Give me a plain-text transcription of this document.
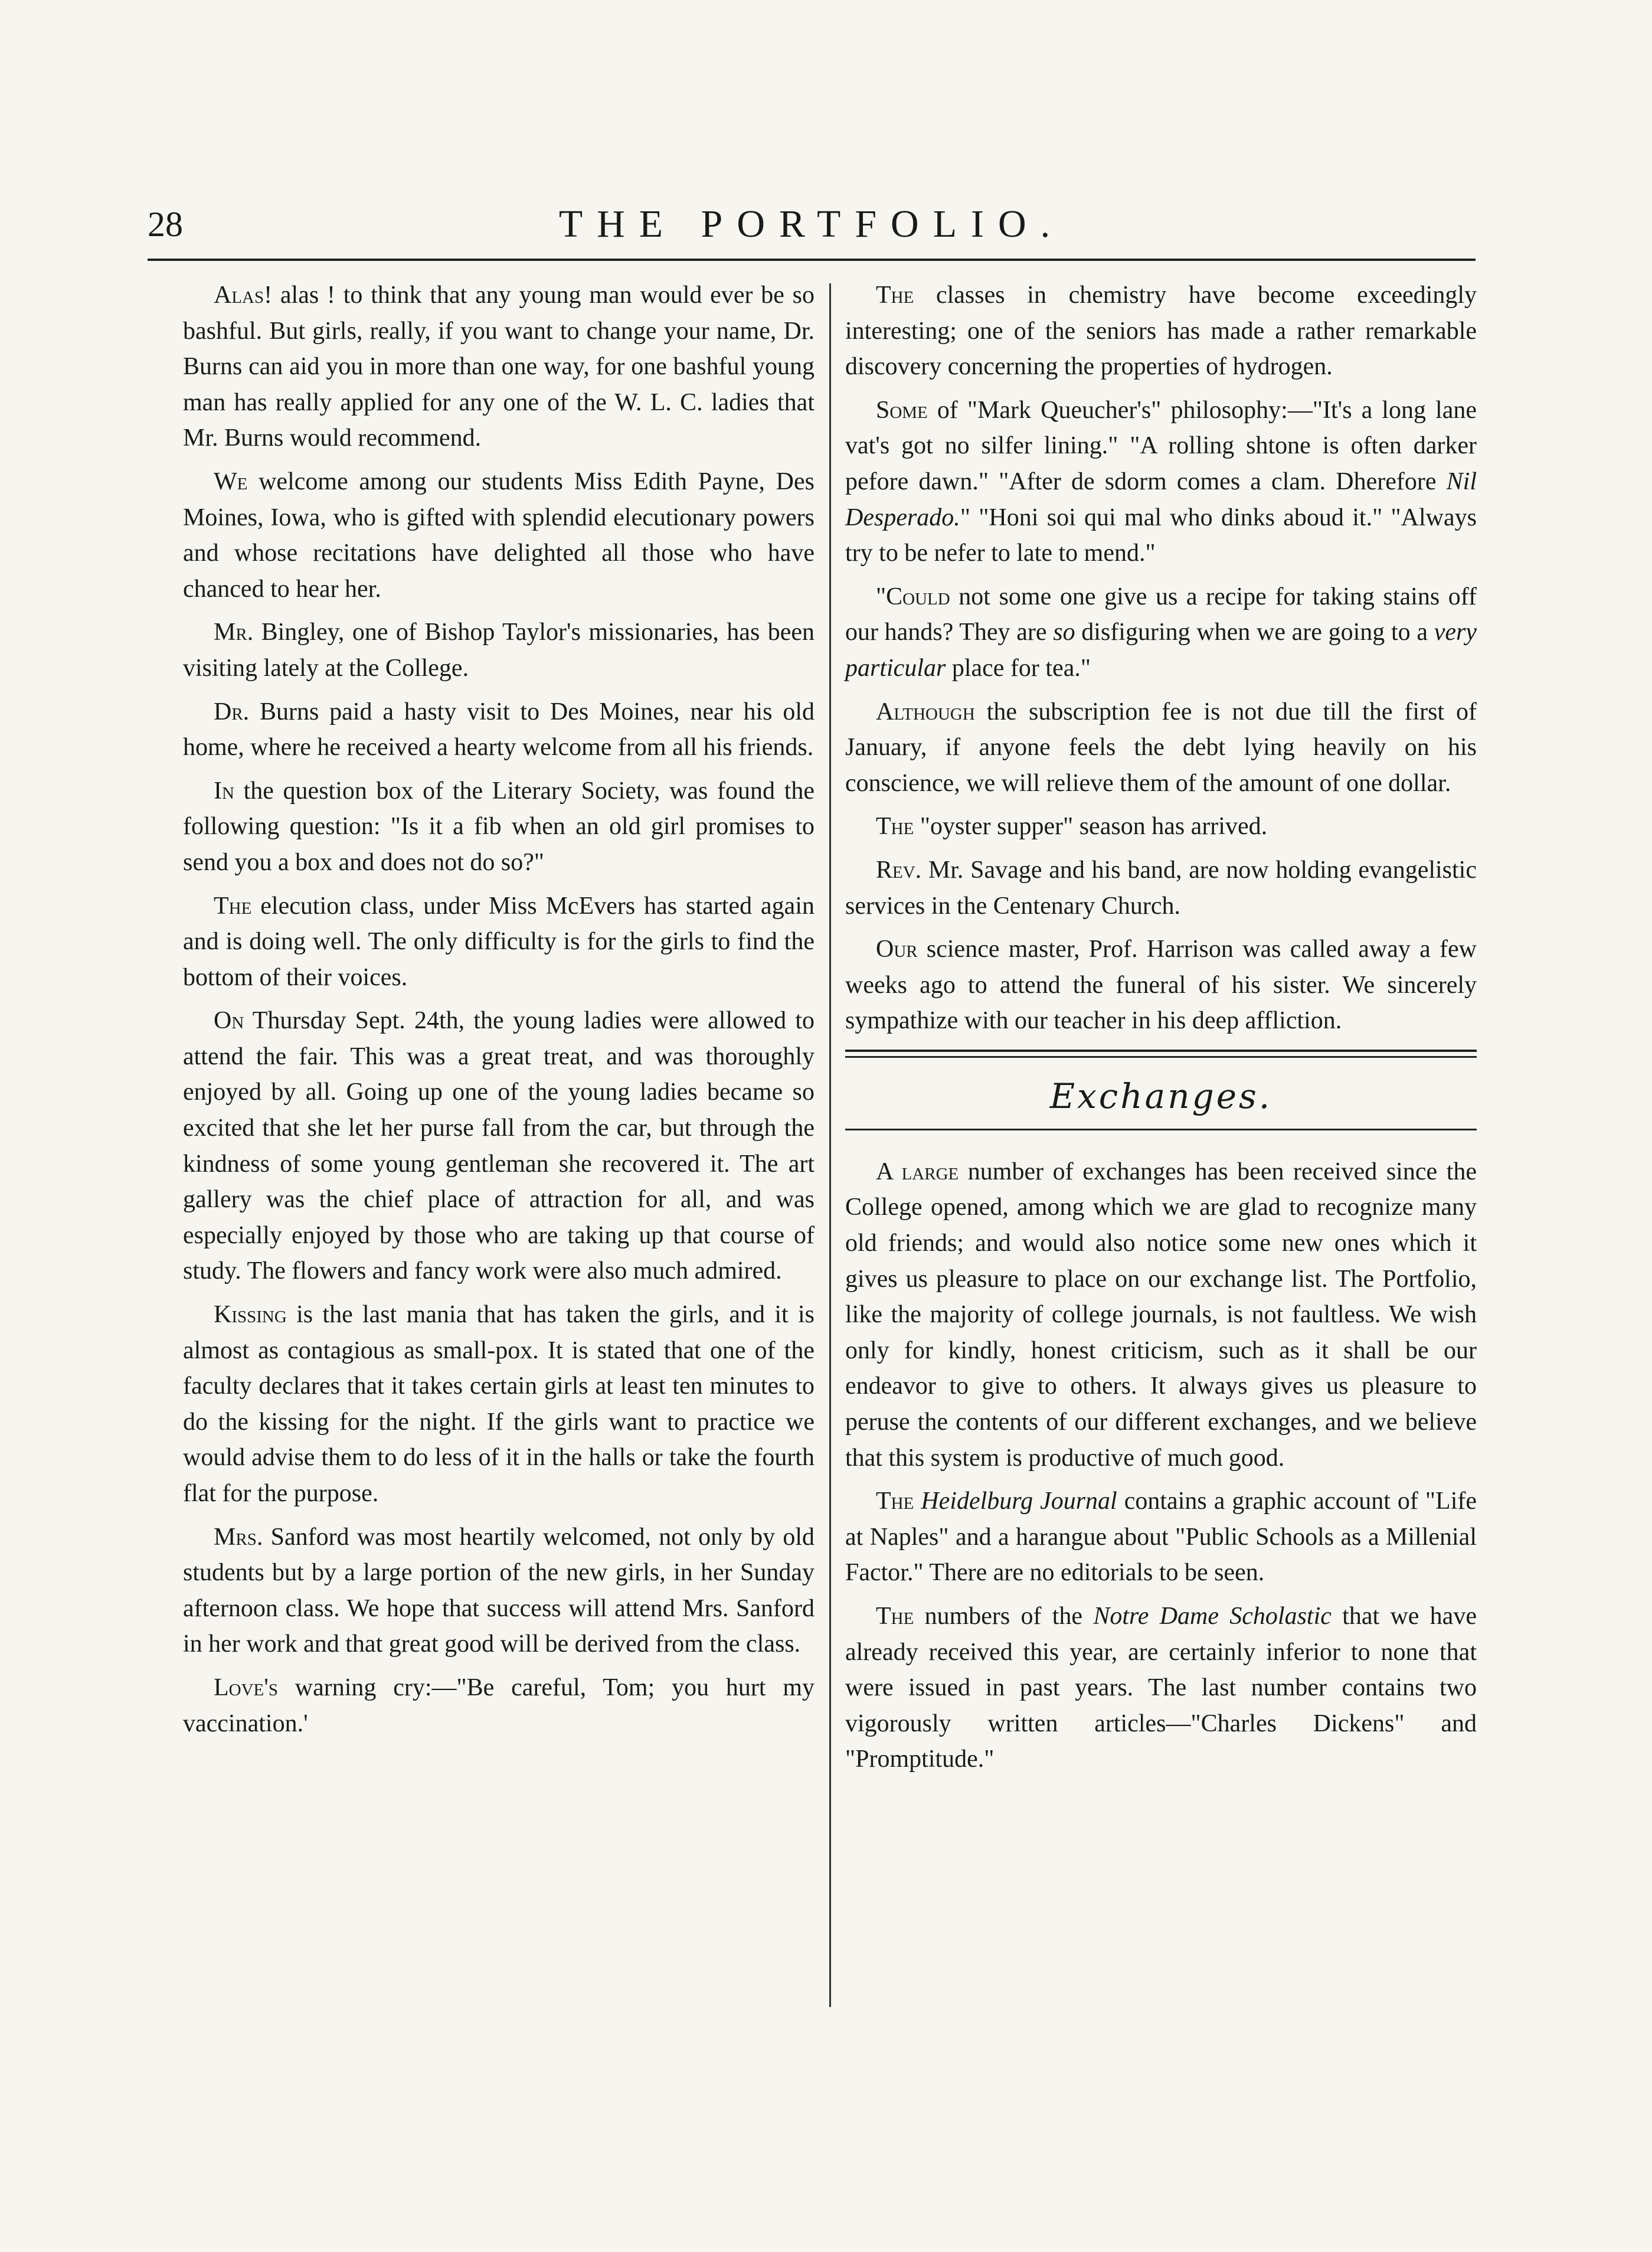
28	THE PORTFOLIO.

Alas! alas ! to think that any young man would ever be so bashful. But girls, really, if you want to change your name, Dr. Burns can aid you in more than one way, for one bashful young man has really applied for any one of the W. L. C. ladies that Mr. Burns would recommend.

We welcome among our students Miss Edith Payne, Des Moines, Iowa, who is gifted with splendid elecutionary powers and whose recitations have delighted all those who have chanced to hear her.

Mr. Bingley, one of Bishop Taylor's missionaries, has been visiting lately at the College.

Dr. Burns paid a hasty visit to Des Moines, near his old home, where he received a hearty welcome from all his friends.

In the question box of the Literary Society, was found the following question: "Is it a fib when an old girl promises to send you a box and does not do so?"

The elecution class, under Miss McEvers has started again and is doing well. The only difficulty is for the girls to find the bottom of their voices.

On Thursday Sept. 24th, the young ladies were allowed to attend the fair. This was a great treat, and was thoroughly enjoyed by all. Going up one of the young ladies became so excited that she let her purse fall from the car, but through the kindness of some young gentleman she recovered it. The art gallery was the chief place of attraction for all, and was especially enjoyed by those who are taking up that course of study. The flowers and fancy work were also much admired.

Kissing is the last mania that has taken the girls, and it is almost as contagious as small-pox. It is stated that one of the faculty declares that it takes certain girls at least ten minutes to do the kissing for the night. If the girls want to practice we would advise them to do less of it in the halls or take the fourth flat for the purpose.

Mrs. Sanford was most heartily welcomed, not only by old students but by a large portion of the new girls, in her Sunday afternoon class. We hope that success will attend Mrs. Sanford in her work and that great good will be derived from the class.

Love's warning cry:—"Be careful, Tom; you hurt my vaccination.'

The classes in chemistry have become exceedingly interesting; one of the seniors has made a rather remarkable discovery concerning the properties of hydrogen.

Some of "Mark Queucher's" philosophy:—"It's a long lane vat's got no silfer lining." "A rolling shtone is often darker pefore dawn." "After de sdorm comes a clam. Dherefore Nil Desperado." "Honi soi qui mal who dinks aboud it." "Always try to be nefer to late to mend."

"Could not some one give us a recipe for taking stains off our hands? They are so disfiguring when we are going to a very particular place for tea."

Although the subscription fee is not due till the first of January, if anyone feels the debt lying heavily on his conscience, we will relieve them of the amount of one dollar.

The "oyster supper" season has arrived.

Rev. Mr. Savage and his band, are now holding evangelistic services in the Centenary Church.

Our science master, Prof. Harrison was called away a few weeks ago to attend the funeral of his sister. We sincerely sympathize with our teacher in his deep affliction.

Exchanges.

A large number of exchanges has been received since the College opened, among which we are glad to recognize many old friends; and would also notice some new ones which it gives us pleasure to place on our exchange list. The Portfolio, like the majority of college journals, is not faultless. We wish only for kindly, honest criticism, such as it shall be our endeavor to give to others. It always gives us pleasure to peruse the contents of our different exchanges, and we believe that this system is productive of much good.

The Heidelburg Journal contains a graphic account of "Life at Naples" and a harangue about "Public Schools as a Millenial Factor." There are no editorials to be seen.

The numbers of the Notre Dame Scholastic that we have already received this year, are certainly inferior to none that were issued in past years. The last number contains two vigorously written articles—"Charles Dickens" and "Promptitude."
